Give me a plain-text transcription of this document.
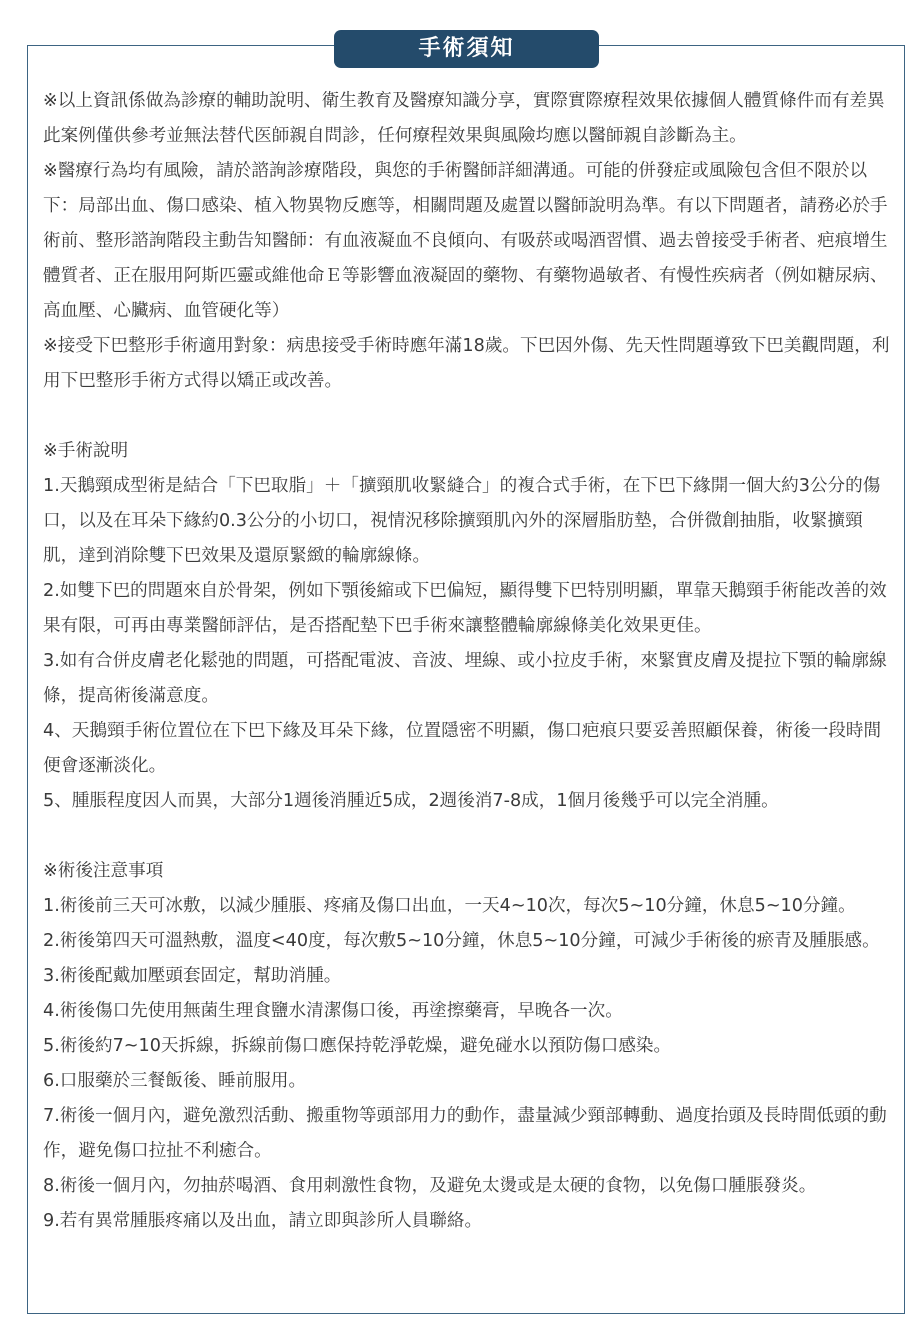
手術須知

※以上資訊係做為診療的輔助說明、衛生教育及醫療知識分享，實際實際療程效果依據個人體質條件而有差異此案例僅供參考並無法替代医師親自問診，任何療程效果與風險均應以醫師親自診斷為主。

※醫療行為均有風險，請於諮詢診療階段，與您的手術醫師詳細溝通。可能的併發症或風險包含但不限於以下：局部出血、傷口感染、植入物異物反應等，相關問題及處置以醫師說明為準。有以下問題者，請務必於手術前、整形諮詢階段主動告知醫師：有血液凝血不良傾向、有吸菸或喝酒習慣、過去曾接受手術者、疤痕增生體質者、正在服用阿斯匹靈或維他命Ｅ等影響血液凝固的藥物、有藥物過敏者、有慢性疾病者（例如糖尿病、高血壓、心臟病、血管硬化等）

※接受下巴整形手術適用對象：病患接受手術時應年滿18歲。下巴因外傷、先天性問題導致下巴美觀問題，利用下巴整形手術方式得以矯正或改善。

※手術說明

1.天鵝頸成型術是結合「下巴取脂」＋「擴頸肌收緊縫合」的複合式手術，在下巴下緣開一個大約3公分的傷口，以及在耳朵下緣約0.3公分的小切口，視情況移除擴頸肌內外的深層脂肪墊，合併微創抽脂，收緊擴頸肌，達到消除雙下巴效果及還原緊緻的輪廓線條。

2.如雙下巴的問題來自於骨架，例如下顎後縮或下巴偏短，顯得雙下巴特別明顯，單靠天鵝頸手術能改善的效果有限，可再由專業醫師評估，是否搭配墊下巴手術來讓整體輪廓線條美化效果更佳。

3.如有合併皮膚老化鬆弛的問題，可搭配電波、音波、埋線、或小拉皮手術，來緊實皮膚及提拉下顎的輪廓線條，提高術後滿意度。

4、天鵝頸手術位置位在下巴下緣及耳朵下緣，位置隱密不明顯，傷口疤痕只要妥善照顧保養，術後一段時間便會逐漸淡化。

5、腫脹程度因人而異，大部分1週後消腫近5成，2週後消7-8成，1個月後幾乎可以完全消腫。

※術後注意事項

1.術後前三天可冰敷，以減少腫脹、疼痛及傷口出血，一天4~10次，每次5~10分鐘，休息5~10分鐘。

2.術後第四天可溫熱敷，溫度<40度，每次敷5~10分鐘，休息5~10分鐘，可減少手術後的瘀青及腫脹感。

3.術後配戴加壓頭套固定，幫助消腫。

4.術後傷口先使用無菌生理食鹽水清潔傷口後，再塗擦藥膏，早晚各一次。

5.術後約7~10天拆線，拆線前傷口應保持乾淨乾燥，避免碰水以預防傷口感染。

6.口服藥於三餐飯後、睡前服用。

7.術後一個月內，避免激烈活動、搬重物等頭部用力的動作，盡量減少頸部轉動、過度抬頭及長時間低頭的動作，避免傷口拉扯不利癒合。

8.術後一個月內，勿抽菸喝酒、食用刺激性食物，及避免太燙或是太硬的食物，以免傷口腫脹發炎。

9.若有異常腫脹疼痛以及出血，請立即與診所人員聯絡。
